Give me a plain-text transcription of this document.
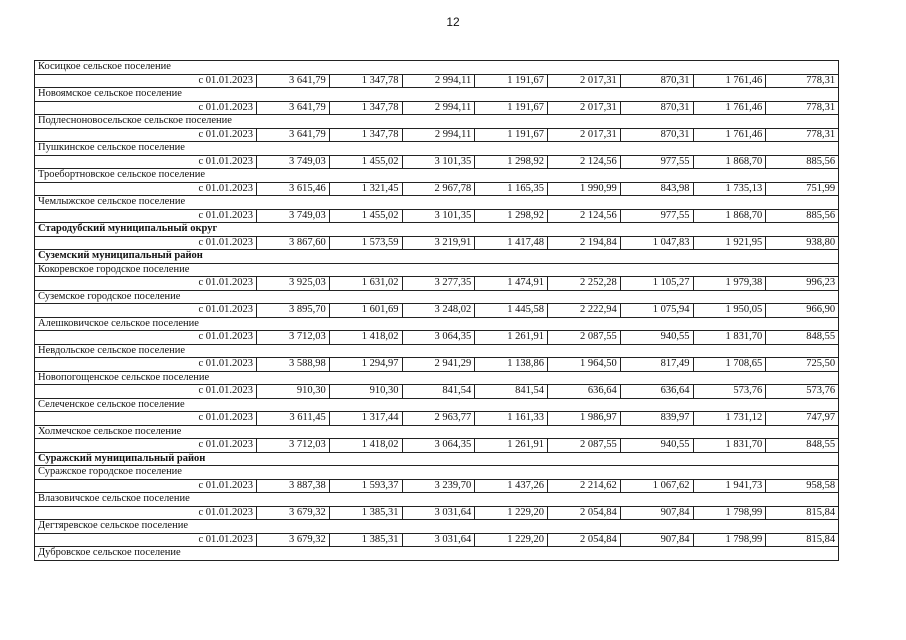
12
Косицкое сельское поселение								
с 01.01.2023	3 641,79	1 347,78	2 994,11	1 191,67	2 017,31	870,31	1 761,46	778,31
Новоямское сельское поселение								
с 01.01.2023	3 641,79	1 347,78	2 994,11	1 191,67	2 017,31	870,31	1 761,46	778,31
Подлесноновосельское сельское поселение								
с 01.01.2023	3 641,79	1 347,78	2 994,11	1 191,67	2 017,31	870,31	1 761,46	778,31
Пушкинское сельское поселение								
с 01.01.2023	3 749,03	1 455,02	3 101,35	1 298,92	2 124,56	977,55	1 868,70	885,56
Троебортновское сельское поселение								
с 01.01.2023	3 615,46	1 321,45	2 967,78	1 165,35	1 990,99	843,98	1 735,13	751,99
Чемлыжское сельское поселение								
с 01.01.2023	3 749,03	1 455,02	3 101,35	1 298,92	2 124,56	977,55	1 868,70	885,56
Стародубский муниципальный округ								
с 01.01.2023	3 867,60	1 573,59	3 219,91	1 417,48	2 194,84	1 047,83	1 921,95	938,80
Суземский муниципальный район								
Кокоревское городское поселение								
с 01.01.2023	3 925,03	1 631,02	3 277,35	1 474,91	2 252,28	1 105,27	1 979,38	996,23
Суземское городское поселение								
с 01.01.2023	3 895,70	1 601,69	3 248,02	1 445,58	2 222,94	1 075,94	1 950,05	966,90
Алешковичское сельское поселение								
с 01.01.2023	3 712,03	1 418,02	3 064,35	1 261,91	2 087,55	940,55	1 831,70	848,55
Невдольское сельское поселение								
с 01.01.2023	3 588,98	1 294,97	2 941,29	1 138,86	1 964,50	817,49	1 708,65	725,50
Новопогощенское сельское поселение								
с 01.01.2023	910,30	910,30	841,54	841,54	636,64	636,64	573,76	573,76
Селеченское сельское поселение								
с 01.01.2023	3 611,45	1 317,44	2 963,77	1 161,33	1 986,97	839,97	1 731,12	747,97
Холмечское сельское поселение								
с 01.01.2023	3 712,03	1 418,02	3 064,35	1 261,91	2 087,55	940,55	1 831,70	848,55
Суражский муниципальный район								
Суражское городское поселение								
с 01.01.2023	3 887,38	1 593,37	3 239,70	1 437,26	2 214,62	1 067,62	1 941,73	958,58
Влазовичское сельское поселение								
с 01.01.2023	3 679,32	1 385,31	3 031,64	1 229,20	2 054,84	907,84	1 798,99	815,84
Дегтяревское сельское поселение								
с 01.01.2023	3 679,32	1 385,31	3 031,64	1 229,20	2 054,84	907,84	1 798,99	815,84
Дубровское сельское поселение								
